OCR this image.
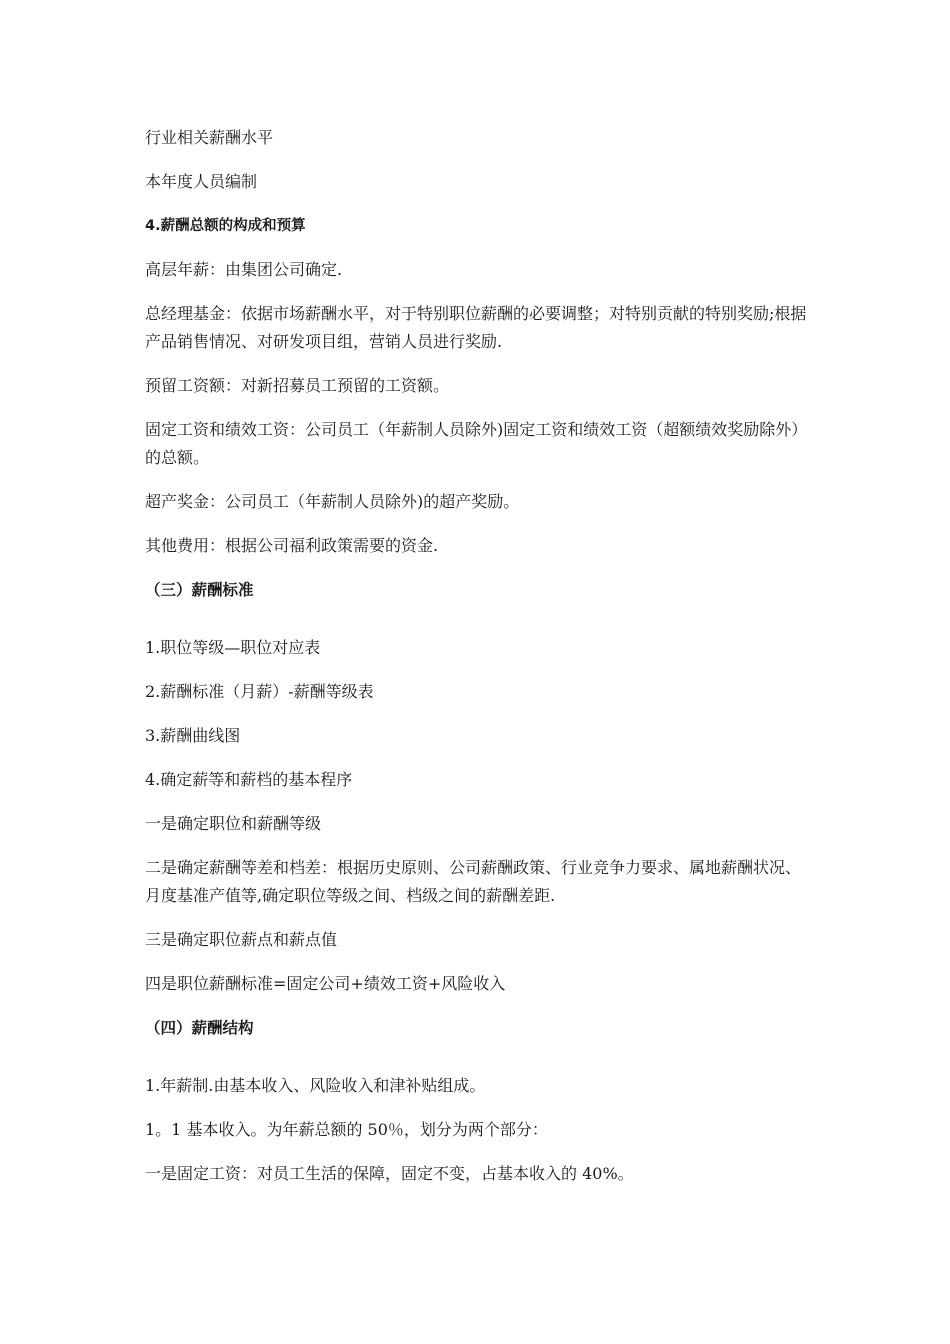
行业相关薪酬水平

本年度人员编制

4.薪酬总额的构成和预算

高层年薪：由集团公司确定.

总经理基金：依据市场薪酬水平，对于特别职位薪酬的必要调整；对特别贡献的特别奖励;根据产品销售情况、对研发项目组，营销人员进行奖励.

预留工资额：对新招募员工预留的工资额。

固定工资和绩效工资：公司员工（年薪制人员除外)固定工资和绩效工资（超额绩效奖励除外）的总额。

超产奖金：公司员工（年薪制人员除外)的超产奖励。

其他费用：根据公司福利政策需要的资金.

（三）薪酬标准

1.职位等级—职位对应表

2.薪酬标准（月薪）-薪酬等级表

3.薪酬曲线图

4.确定薪等和薪档的基本程序

一是确定职位和薪酬等级

二是确定薪酬等差和档差：根据历史原则、公司薪酬政策、行业竞争力要求、属地薪酬状况、月度基准产值等,确定职位等级之间、档级之间的薪酬差距.

三是确定职位薪点和薪点值

四是职位薪酬标准=固定公司+绩效工资+风险收入

（四）薪酬结构

1.年薪制.由基本收入、风险收入和津补贴组成。

1。1 基本收入。为年薪总额的 50％，划分为两个部分：

一是固定工资：对员工生活的保障，固定不变，占基本收入的 40%。
